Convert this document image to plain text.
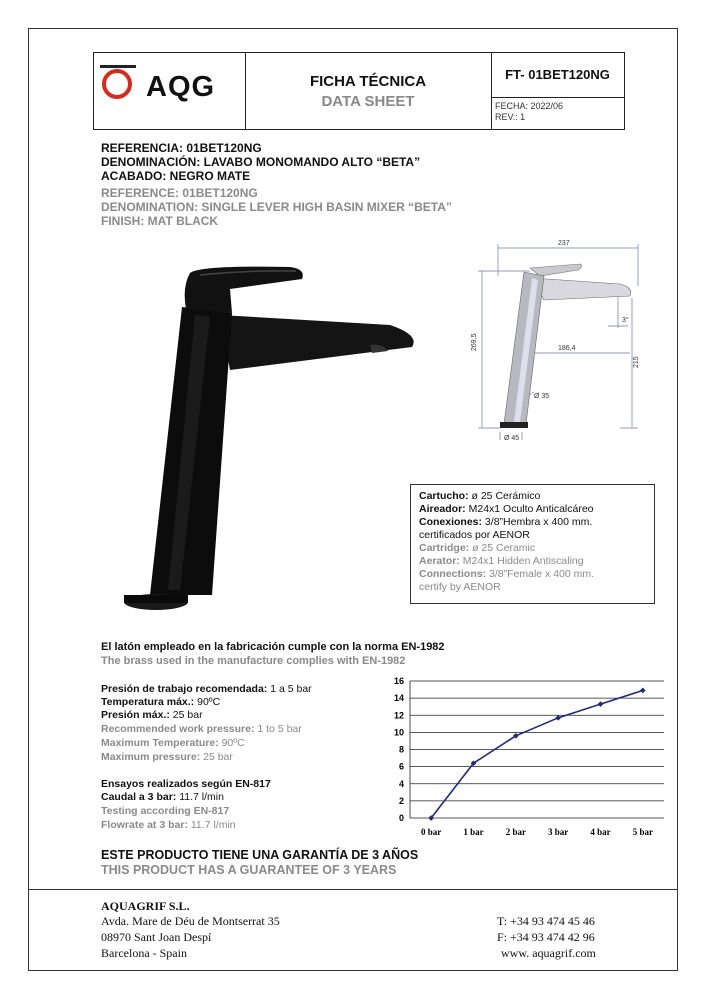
AQG	FICHA TÉCNICA
DATA SHEET
FT- 01BET120NG
FECHA: 2022/06
REV.: 1
REFERENCIA: 01BET120NG
DENOMINACIÓN: LAVABO MONOMANDO ALTO “BETA”
ACABADO: NEGRO MATE
REFERENCE: 01BET120NG
DENOMINATION: SINGLE LEVER HIGH BASIN MIXER “BETA”
FINISH: MAT BLACK
237
186,4
269,5
215
3°
Ø 35
Ø 45
Cartucho: ø 25 Cerámico
Aireador: M24x1 Oculto Anticalcáreo
Conexiones: 3/8”Hembra x 400 mm.
certificados por AENOR
Cartridge: ø 25 Ceramic
Aerator: M24x1 Hidden Antiscaling
Connections: 3/8”Female x 400 mm.
certify by AENOR
El latón empleado en la fabricación cumple con la norma EN-1982
The brass used in the manufacture complies with EN-1982
Presión de trabajo recomendada: 1 a 5 bar
Temperatura máx.: 90ºC
Presión máx.: 25 bar
Recommended work pressure: 1 to 5 bar
Maximum Temperature: 90ºC
Maximum pressure: 25 bar
Ensayos realizados según EN-817
Caudal a 3 bar: 11.7 l/min
Testing according EN-817
Flowrate at 3 bar: 11.7 l/min
0
2
4
6
8
10
12
14
16
0 bar 1 bar 2 bar 3 bar 4 bar 5 bar
ESTE PRODUCTO TIENE UNA GARANTÍA DE 3 AÑOS
THIS PRODUCT HAS A GUARANTEE OF 3 YEARS
AQUAGRIF S.L.
Avda. Mare de Déu de Montserrat 35
08970 Sant Joan Despí
Barcelona - Spain
T: +34 93 474 45 46
F: +34 93 474 42 96
www. aquagrif.com
